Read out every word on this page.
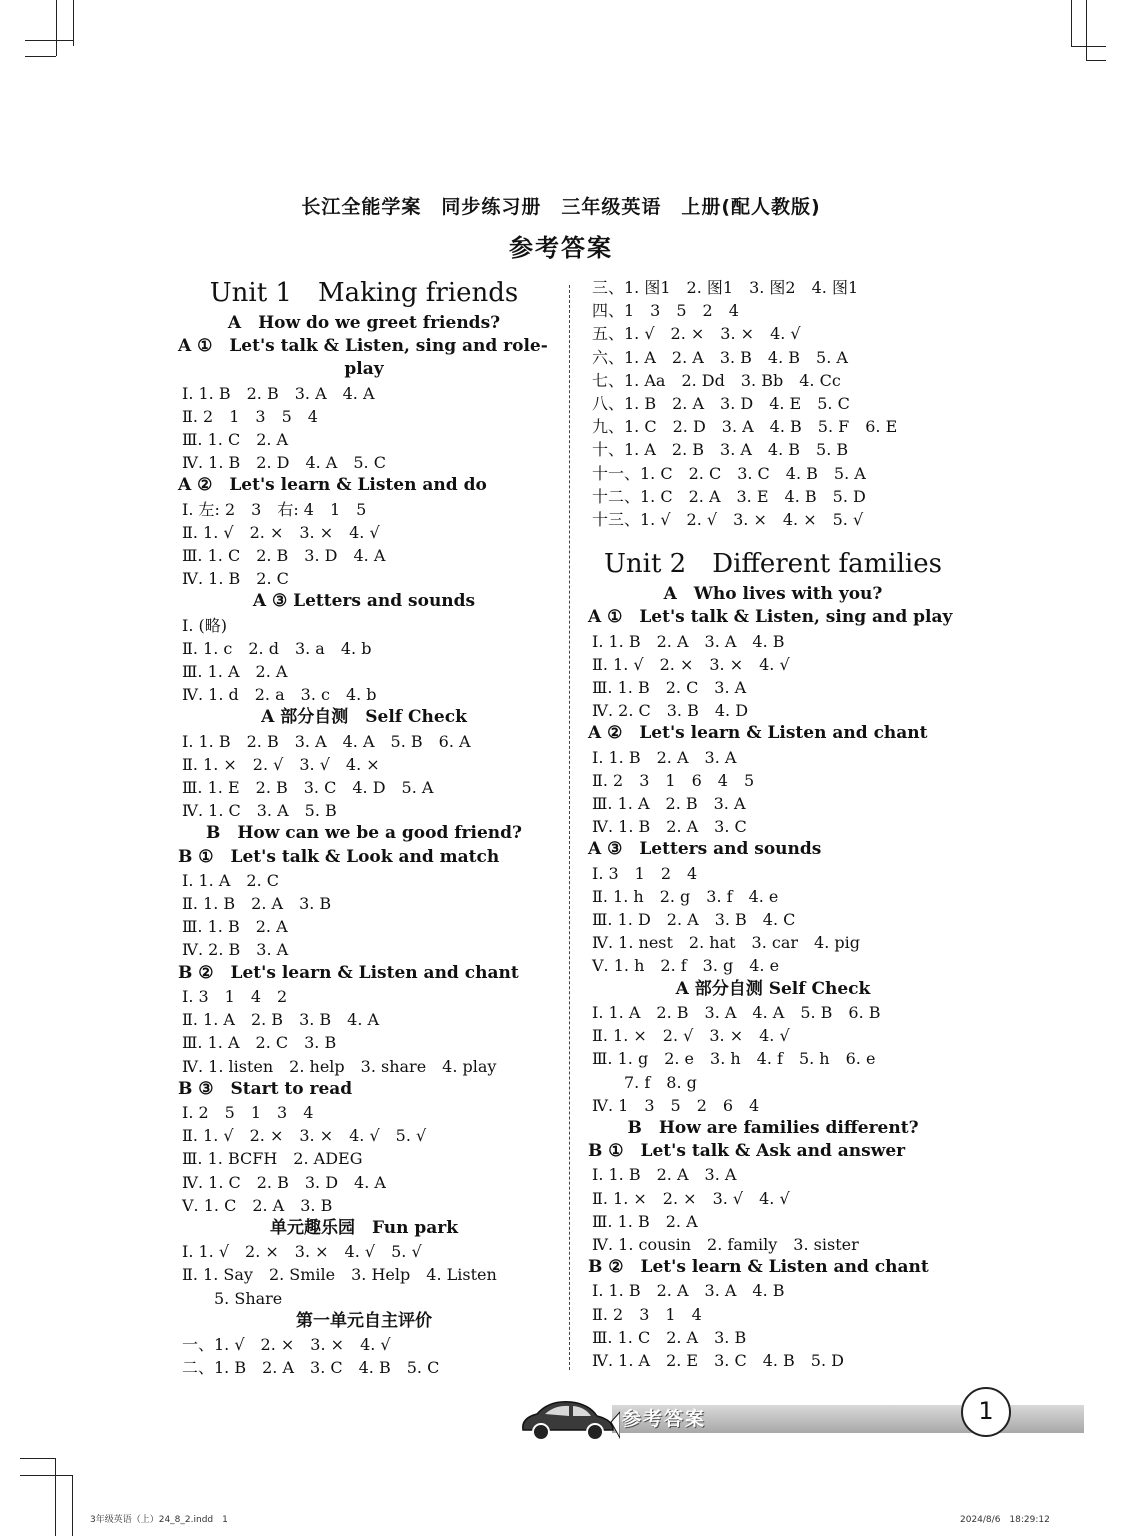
长江全能学案　同步练习册　三年级英语　上册(配人教版)
参考答案
Unit 1　Making friends
A　How do we greet friends?
A ①　Let's talk & Listen, sing and role-
play
Ⅰ. 1. B　2. B　3. A　4. A
Ⅱ. 2　1　3　5　4
Ⅲ. 1. C　2. A
Ⅳ. 1. B　2. D　4. A　5. C
A ②　Let's learn & Listen and do
Ⅰ. 左: 2　3　右: 4　1　5
Ⅱ. 1. √　2. ×　3. ×　4. √
Ⅲ. 1. C　2. B　3. D　4. A
Ⅳ. 1. B　2. C
A ③ Letters and sounds
Ⅰ. (略)
Ⅱ. 1. c　2. d　3. a　4. b
Ⅲ. 1. A　2. A
Ⅳ. 1. d　2. a　3. c　4. b
A 部分自测　Self Check
Ⅰ. 1. B　2. B　3. A　4. A　5. B　6. A
Ⅱ. 1. ×　2. √　3. √　4. ×
Ⅲ. 1. E　2. B　3. C　4. D　5. A
Ⅳ. 1. C　3. A　5. B
B　How can we be a good friend?
B ①　Let's talk & Look and match
Ⅰ. 1. A　2. C
Ⅱ. 1. B　2. A　3. B
Ⅲ. 1. B　2. A
Ⅳ. 2. B　3. A
B ②　Let's learn & Listen and chant
Ⅰ. 3　1　4　2
Ⅱ. 1. A　2. B　3. B　4. A
Ⅲ. 1. A　2. C　3. B
Ⅳ. 1. listen　2. help　3. share　4. play
B ③　Start to read
Ⅰ. 2　5　1　3　4
Ⅱ. 1. √　2. ×　3. ×　4. √　5. √
Ⅲ. 1. BCFH　2. ADEG
Ⅳ. 1. C　2. B　3. D　4. A
Ⅴ. 1. C　2. A　3. B
单元趣乐园　Fun park
Ⅰ. 1. √　2. ×　3. ×　4. √　5. √
Ⅱ. 1. Say　2. Smile　3. Help　4. Listen
　　5. Share
第一单元自主评价
一、1. √　2. ×　3. ×　4. √
二、1. B　2. A　3. C　4. B　5. C
三、1. 图1　2. 图1　3. 图2　4. 图1
四、1　3　5　2　4
五、1. √　2. ×　3. ×　4. √
六、1. A　2. A　3. B　4. B　5. A
七、1. Aa　2. Dd　3. Bb　4. Cc
八、1. B　2. A　3. D　4. E　5. C
九、1. C　2. D　3. A　4. B　5. F　6. E
十、1. A　2. B　3. A　4. B　5. B
十一、1. C　2. C　3. C　4. B　5. A
十二、1. C　2. A　3. E　4. B　5. D
十三、1. √　2. √　3. ×　4. ×　5. √
Unit 2　Different families
A　Who lives with you?
A ①　Let's talk & Listen, sing and play
Ⅰ. 1. B　2. A　3. A　4. B
Ⅱ. 1. √　2. ×　3. ×　4. √
Ⅲ. 1. B　2. C　3. A
Ⅳ. 2. C　3. B　4. D
A ②　Let's learn & Listen and chant
Ⅰ. 1. B　2. A　3. A
Ⅱ. 2　3　1　6　4　5
Ⅲ. 1. A　2. B　3. A
Ⅳ. 1. B　2. A　3. C
A ③　Letters and sounds
Ⅰ. 3　1　2　4
Ⅱ. 1. h　2. g　3. f　4. e
Ⅲ. 1. D　2. A　3. B　4. C
Ⅳ. 1. nest　2. hat　3. car　4. pig
Ⅴ. 1. h　2. f　3. g　4. e
A 部分自测 Self Check
Ⅰ. 1. A　2. B　3. A　4. A　5. B　6. B
Ⅱ. 1. ×　2. √　3. ×　4. √
Ⅲ. 1. g　2. e　3. h　4. f　5. h　6. e
　　7. f　8. g
Ⅳ. 1　3　5　2　6　4
B　How are families different?
B ①　Let's talk & Ask and answer
Ⅰ. 1. B　2. A　3. A
Ⅱ. 1. ×　2. ×　3. √　4. √
Ⅲ. 1. B　2. A
Ⅳ. 1. cousin　2. family　3. sister
B ②　Let's learn & Listen and chant
Ⅰ. 1. B　2. A　3. A　4. B
Ⅱ. 2　3　1　4
Ⅲ. 1. C　2. A　3. B
Ⅳ. 1. A　2. E　3. C　4. B　5. D
参考答案	1
3年级英语（上）24_8_2.indd　1	2024/8/6　18:29:12
